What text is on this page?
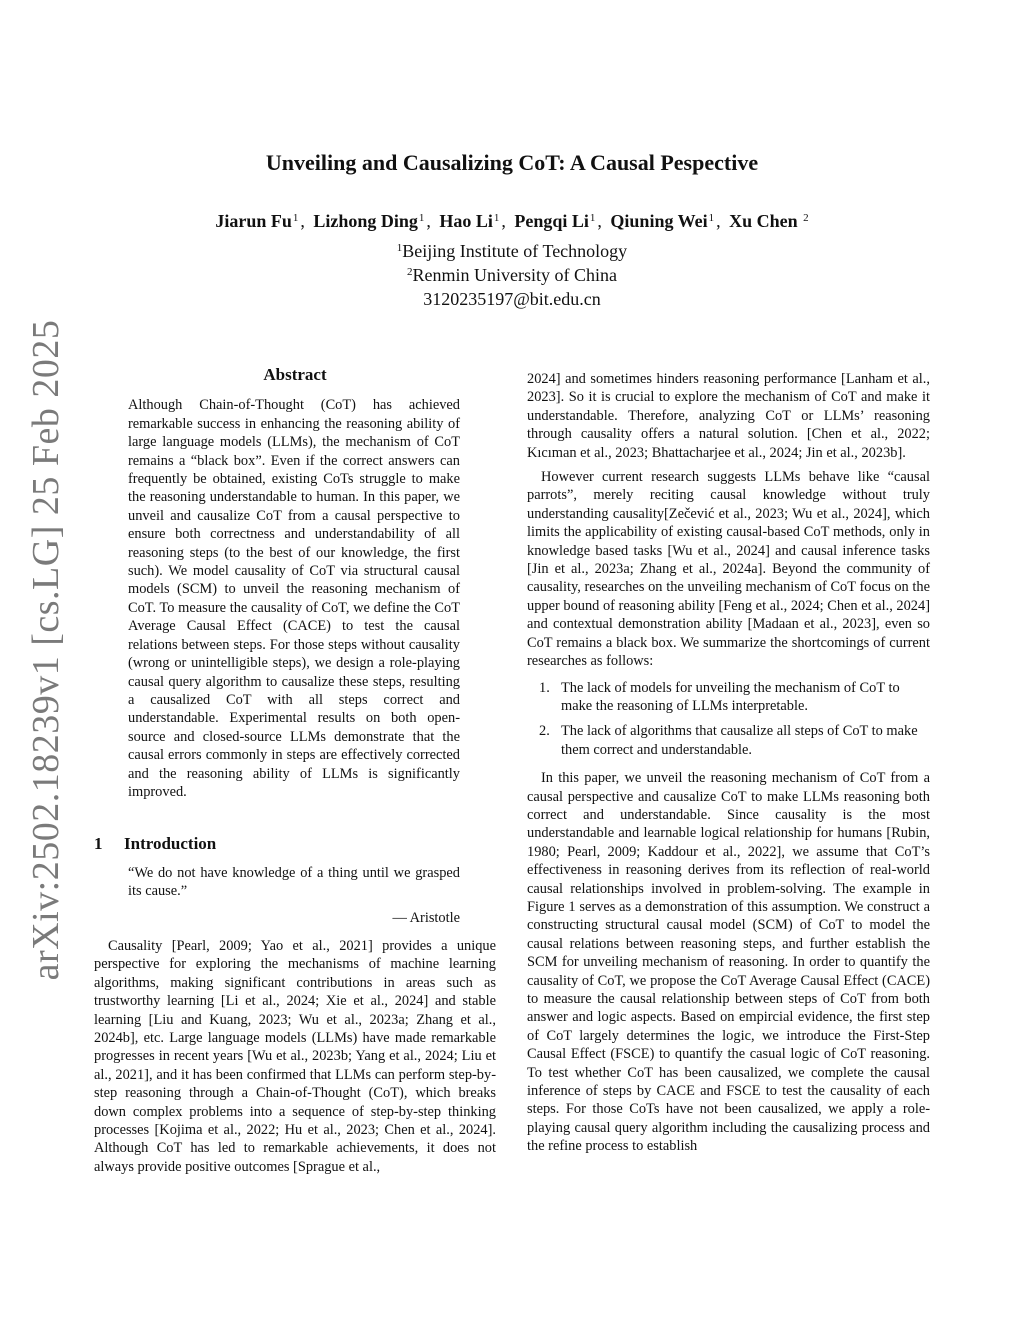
arXiv:2502.18239v1 [cs.LG] 25 Feb 2025
Unveiling and Causalizing CoT: A Causal Pespective
Jiarun Fu$^1$ , Lizhong Ding$^1$ , Hao Li$^1$ , Pengqi Li$^1$ , Qiuning Wei$^1$ , Xu Chen $^2$
$^1$Beijing Institute of Technology
$^2$Renmin University of China
3120235197@bit.edu.cn
Abstract

Although Chain-of-Thought (CoT) has achieved remarkable success in enhancing the reasoning ability of large language models (LLMs), the mechanism of CoT remains a “black box”. Even if the correct answers can frequently be obtained, existing CoTs struggle to make the reasoning understandable to human. In this paper, we unveil and causalize CoT from a causal perspective to ensure both correctness and understandability of all reasoning steps (to the best of our knowledge, the first such). We model causality of CoT via structural causal models (SCM) to unveil the reasoning mechanism of CoT. To measure the causality of CoT, we define the CoT Average Causal Effect (CACE) to test the causal relations between steps. For those steps without causality (wrong or unintelligible steps), we design a role-playing causal query algorithm to causalize these steps, resulting a causalized CoT with all steps correct and understandable. Experimental results on both open-source and closed-source LLMs demonstrate that the causal errors commonly in steps are effectively corrected and the reasoning ability of LLMs is significantly improved.

1 Introduction

“We do not have knowledge of a thing until we grasped its cause.”

— Aristotle

Causality [Pearl, 2009; Yao et al., 2021] provides a unique perspective for exploring the mechanisms of machine learning algorithms, making significant contributions in areas such as trustworthy learning [Li et al., 2024; Xie et al., 2024] and stable learning [Liu and Kuang, 2023; Wu et al., 2023a; Zhang et al., 2024b], etc. Large language models (LLMs) have made remarkable progresses in recent years [Wu et al., 2023b; Yang et al., 2024; Liu et al., 2021], and it has been confirmed that LLMs can perform step-by-step reasoning through a Chain-of-Thought (CoT), which breaks down complex problems into a sequence of step-by-step thinking processes [Kojima et al., 2022; Hu et al., 2023; Chen et al., 2024]. Although CoT has led to remarkable achievements, it does not always provide positive outcomes [Sprague et al.,

2024] and sometimes hinders reasoning performance [Lanham et al., 2023]. So it is crucial to explore the mechanism of CoT and make it understandable. Therefore, analyzing CoT or LLMs’ reasoning through causality offers a natural solution. [Chen et al., 2022; Kıcıman et al., 2023; Bhattacharjee et al., 2024; Jin et al., 2023b].

However current research suggests LLMs behave like “causal parrots”, merely reciting causal knowledge without truly understanding causality[Zečević et al., 2023; Wu et al., 2024], which limits the applicability of existing causal-based CoT methods, only in knowledge based tasks [Wu et al., 2024] and causal inference tasks [Jin et al., 2023a; Zhang et al., 2024a]. Beyond the community of causality, researches on the unveiling mechanism of CoT focus on the upper bound of reasoning ability [Feng et al., 2024; Chen et al., 2024] and contextual demonstration ability [Madaan et al., 2023], even so CoT remains a black box. We summarize the shortcomings of current researches as follows:

1. The lack of models for unveiling the mechanism of CoT to make the reasoning of LLMs interpretable.
2. The lack of algorithms that causalize all steps of CoT to make them correct and understandable.

In this paper, we unveil the reasoning mechanism of CoT from a causal perspective and causalize CoT to make LLMs reasoning both correct and understandable. Since causality is the most understandable and learnable logical relationship for humans [Rubin, 1980; Pearl, 2009; Kaddour et al., 2022], we assume that CoT’s effectiveness in reasoning derives from its reflection of real-world causal relationships involved in problem-solving. The example in Figure 1 serves as a demonstration of this assumption. We construct a constructing structural causal model (SCM) of CoT to model the causal relations between reasoning steps, and further establish the SCM for unveiling mechanism of reasoning. In order to quantify the causality of CoT, we propose the CoT Average Causal Effect (CACE) to measure the causal relationship between steps of CoT from both answer and logic aspects. Based on empircial evidence, the first step of CoT largely determines the logic, we introduce the First-Step Causal Effect (FSCE) to quantify the casual logic of CoT reasoning. To test whether CoT has been causalized, we complete the causal inference of steps by CACE and FSCE to test the causality of each steps. For those CoTs have not been causalized, we apply a role-playing causal query algorithm including the causalizing process and the refine process to establish
